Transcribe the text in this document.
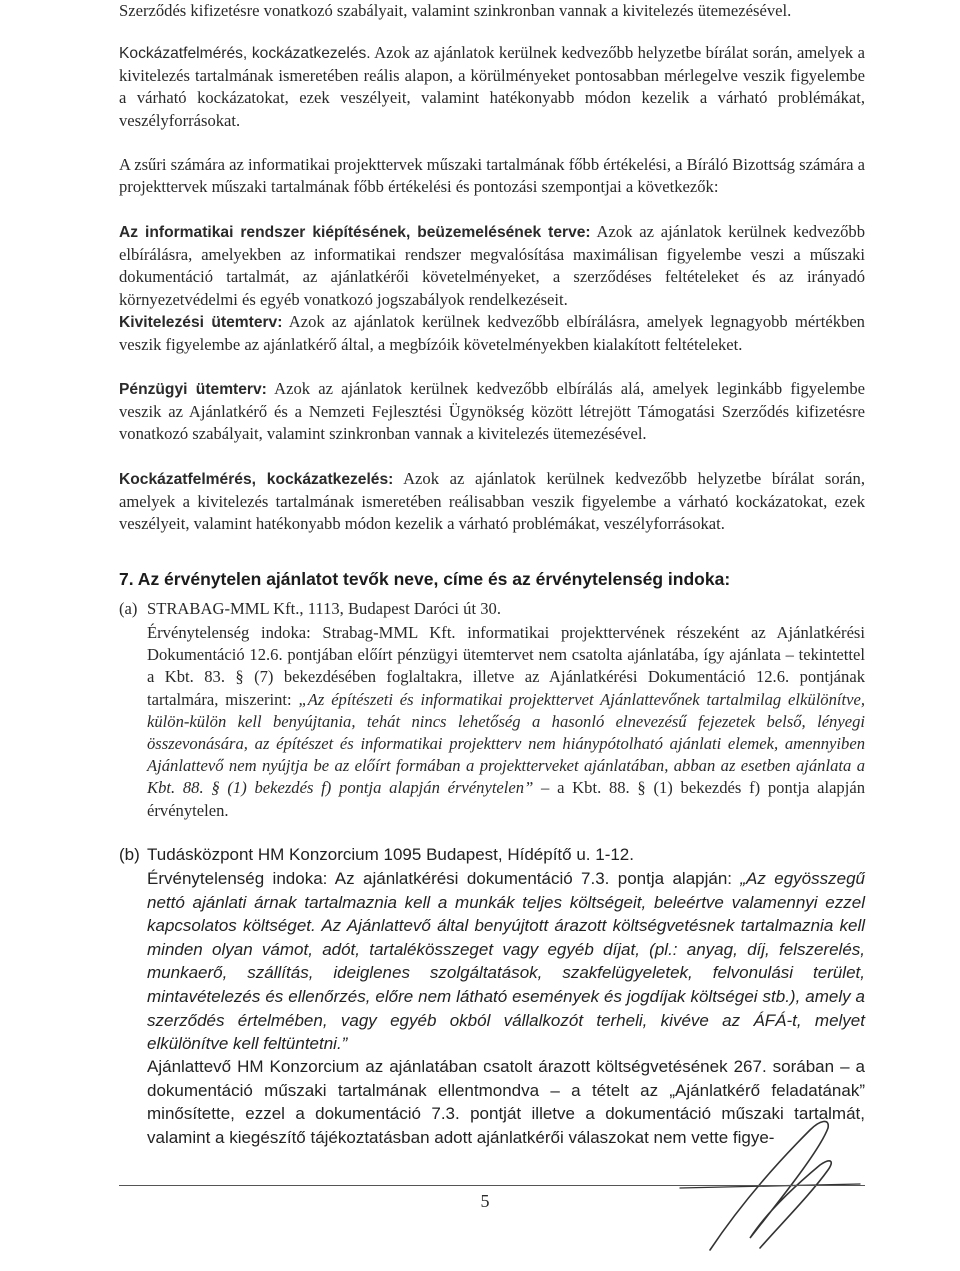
Szerződés kifizetésre vonatkozó szabályait, valamint szinkronban vannak a kivitelezés ütemezésével.

Kockázatfelmérés, kockázatkezelés. Azok az ajánlatok kerülnek kedvezőbb helyzetbe bírálat során, amelyek a kivitelezés tartalmának ismeretében reális alapon, a körülményeket pontosabban mérlegelve veszik figyelembe a várható kockázatokat, ezek veszélyeit, valamint hatékonyabb módon kezelik a várható problémákat, veszélyforrásokat.

A zsűri számára az informatikai projekttervek műszaki tartalmának főbb értékelési, a Bíráló Bizottság számára a projekttervek műszaki tartalmának főbb értékelési és pontozási szempontjai a következők:

Az informatikai rendszer kiépítésének, beüzemelésének terve: Azok az ajánlatok kerülnek kedvezőbb elbírálásra, amelyekben az informatikai rendszer megvalósítása maximálisan figyelembe veszi a műszaki dokumentáció tartalmát, az ajánlatkérői követelményeket, a szerződéses feltételeket és az irányadó környezetvédelmi és egyéb vonatkozó jogszabályok rendelkezéseit.

Kivitelezési ütemterv: Azok az ajánlatok kerülnek kedvezőbb elbírálásra, amelyek legnagyobb mértékben veszik figyelembe az ajánlatkérő által, a megbízóik követelményekben kialakított feltételeket.

Pénzügyi ütemterv: Azok az ajánlatok kerülnek kedvezőbb elbírálás alá, amelyek leginkább figyelembe veszik az Ajánlatkérő és a Nemzeti Fejlesztési Ügynökség között létrejött Támogatási Szerződés kifizetésre vonatkozó szabályait, valamint szinkronban vannak a kivitelezés ütemezésével.

Kockázatfelmérés, kockázatkezelés: Azok az ajánlatok kerülnek kedvezőbb helyzetbe bírálat során, amelyek a kivitelezés tartalmának ismeretében reálisabban veszik figyelembe a várható kockázatokat, ezek veszélyeit, valamint hatékonyabb módon kezelik a várható problémákat, veszélyforrásokat.

7. Az érvénytelen ajánlatot tevők neve, címe és az érvénytelenség indoka:
(a) STRABAG-MML Kft., 1113, Budapest Daróci út 30.

Érvénytelenség indoka: Strabag-MML Kft. informatikai projekttervének részeként az Ajánlatkérési Dokumentáció 12.6. pontjában előírt pénzügyi ütemtervet nem csatolta ajánlatába, így ajánlata – tekintettel a Kbt. 83. § (7) bekezdésében foglaltakra, illetve az Ajánlatkérési Dokumentáció 12.6. pontjának tartalmára, miszerint: „Az építészeti és informatikai projekttervet Ajánlattevőnek tartalmilag elkülönítve, külön-külön kell benyújtania, tehát nincs lehetőség a hasonló elnevezésű fejezetek belső, lényegi összevonására, az építészet és informatikai projektterv nem hiánypótolható ajánlati elemek, amennyiben Ajánlattevő nem nyújtja be az előírt formában a projektterveket ajánlatában, abban az esetben ajánlata a Kbt. 88. § (1) bekezdés f) pontja alapján érvénytelen” – a Kbt. 88. § (1) bekezdés f) pontja alapján érvénytelen.

(b) Tudásközpont HM Konzorcium 1095 Budapest, Hídépítő u. 1-12.

Érvénytelenség indoka: Az ajánlatkérési dokumentáció 7.3. pontja alapján: „Az egyösszegű nettó ajánlati árnak tartalmaznia kell a munkák teljes költségeit, beleértve valamennyi ezzel kapcsolatos költséget. Az Ajánlattevő által benyújtott árazott költségvetésnek tartalmaznia kell minden olyan vámot, adót, tartalékösszeget vagy egyéb díjat, (pl.: anyag, díj, felszerelés, munkaerő, szállítás, ideiglenes szolgáltatások, szakfelügyeletek, felvonulási terület, mintavételezés és ellenőrzés, előre nem látható események és jogdíjak költségei stb.), amely a szerződés értelmében, vagy egyéb okból vállalkozót terheli, kivéve az ÁFÁ-t, melyet elkülönítve kell feltüntetni.”

Ajánlattevő HM Konzorcium az ajánlatában csatolt árazott költségvetésének 267. sorában – a dokumentáció műszaki tartalmának ellentmondva – a tételt az „Ajánlatkérő feladatának” minősítette, ezzel a dokumentáció 7.3. pontját illetve a dokumentáció műszaki tartalmát, valamint a kiegészítő tájékoztatásban adott ajánlatkérői válaszokat nem vette figye-

5
